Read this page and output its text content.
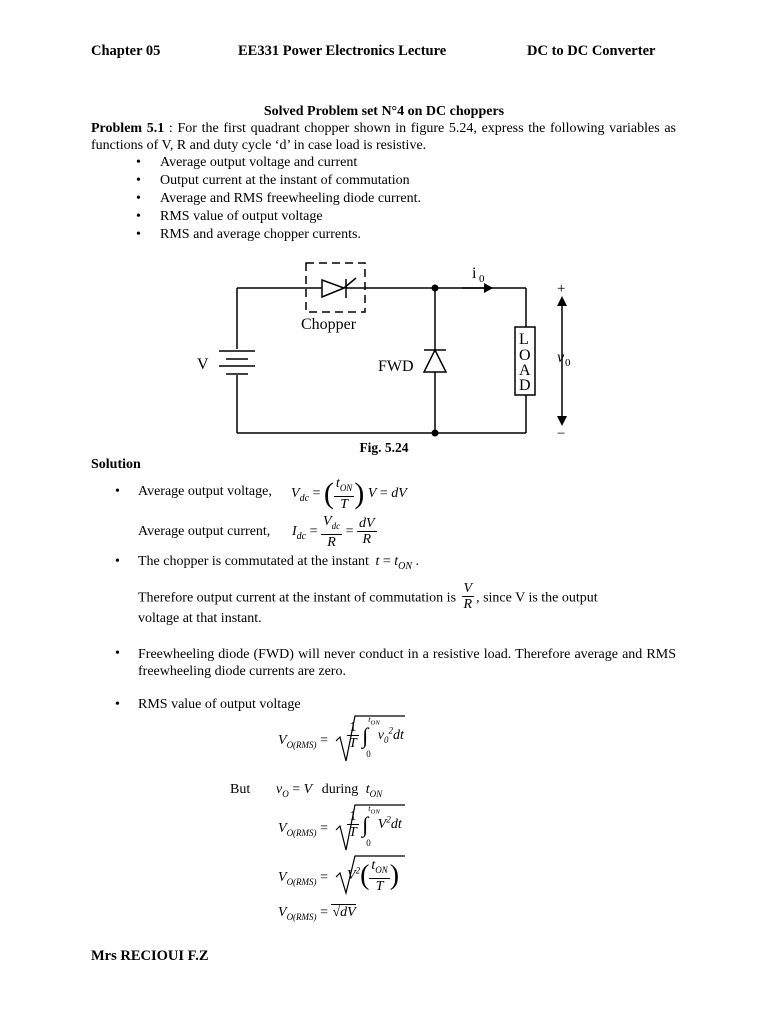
Chapter 05	EE331 Power Electronics Lecture	DC to DC Converter
Solved Problem set N°4 on DC choppers
Problem 5.1 : For the first quadrant chopper shown in figure 5.24, express the following variables as functions of V, R and duty cycle ‘d’ in case load is resistive.
• Average output voltage and current
• Output current at the instant of commutation
• Average and RMS freewheeling diode current.
• RMS value of output voltage
• RMS and average chopper currents.
i 0
Chopper
V	FWD
L
O
A
D
+
−
v 0
Fig. 5.24
Solution
• Average output voltage, $V_{dc}$ = ( $\frac{t_{ON}}{T}$ ) V = dV
Average output current, $I_{dc} = \frac{V_{dc}}{R} = \frac{dV}{R}$
• The chopper is commutated at the instant $t = t_{ON}$ .
Therefore output current at the instant of commutation is $\frac{V}{R}$ , since V is the output
voltage at that instant.
• Freewheeling diode (FWD) will never conduct in a resistive load. Therefore average and RMS freewheeling diode currents are zero.
• RMS value of output voltage
$V_{O(RMS)} = \frac{1}{T}$ ∫
$t_{ON}$
0
$v_0^2dt$
But $v_O = V$ during $t_{ON}$
$V_{O(RMS)} = \frac{1}{T}$ ∫
$t_{ON}$
0
$V^2dt$
$V_{O(RMS)} = V^2( \frac{t_{ON}}{T}$ )
$V_{O(RMS)} = √dV$
Mrs RECIOUI F.Z
